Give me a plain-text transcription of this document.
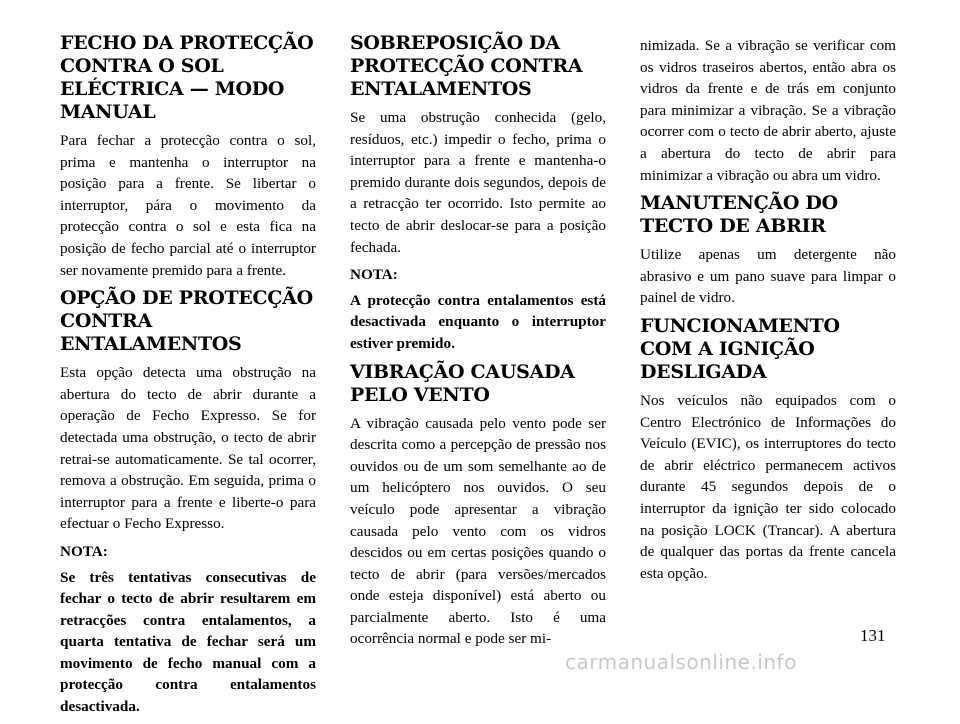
FECHO DA PROTECÇÃO CONTRA O SOL ELÉCTRICA — MODO MANUAL

Para fechar a protecção contra o sol, prima e mantenha o interruptor na posição para a frente. Se libertar o interruptor, pára o movimento da protecção contra o sol e esta fica na posição de fecho parcial até o interruptor ser novamente premido para a frente.

OPÇÃO DE PROTECÇÃO CONTRA ENTALAMENTOS

Esta opção detecta uma obstrução na abertura do tecto de abrir durante a operação de Fecho Expresso. Se for detectada uma obstrução, o tecto de abrir retrai-se automaticamente. Se tal ocorrer, remova a obstrução. Em seguida, prima o interruptor para a frente e liberte-o para efectuar o Fecho Expresso.

NOTA:

Se três tentativas consecutivas de fechar o tecto de abrir resultarem em retracções contra entalamentos, a quarta tentativa de fechar será um movimento de fecho manual com a protecção contra entalamentos desactivada.

SOBREPOSIÇÃO DA PROTECÇÃO CONTRA ENTALAMENTOS

Se uma obstrução conhecida (gelo, resíduos, etc.) impedir o fecho, prima o interruptor para a frente e mantenha-o premido durante dois segundos, depois de a retracção ter ocorrido. Isto permite ao tecto de abrir deslocar-se para a posição fechada.

NOTA:

A protecção contra entalamentos está desactivada enquanto o interruptor estiver premido.

VIBRAÇÃO CAUSADA PELO VENTO

A vibração causada pelo vento pode ser descrita como a percepção de pressão nos ouvidos ou de um som semelhante ao de um helicóptero nos ouvidos. O seu veículo pode apresentar a vibração causada pelo vento com os vidros descidos ou em certas posições quando o tecto de abrir (para versões/mercados onde esteja disponível) está aberto ou parcialmente aberto. Isto é uma ocorrência normal e pode ser mi-

nimizada. Se a vibração se verificar com os vidros traseiros abertos, então abra os vidros da frente e de trás em conjunto para minimizar a vibração. Se a vibração ocorrer com o tecto de abrir aberto, ajuste a abertura do tecto de abrir para minimizar a vibração ou abra um vidro.

MANUTENÇÃO DO TECTO DE ABRIR

Utilize apenas um detergente não abrasivo e um pano suave para limpar o painel de vidro.

FUNCIONAMENTO COM A IGNIÇÃO DESLIGADA

Nos veículos não equipados com o Centro Electrónico de Informações do Veículo (EVIC), os interruptores do tecto de abrir eléctrico permanecem activos durante 45 segundos depois de o interruptor da ignição ter sido colocado na posição LOCK (Trancar). A abertura de qualquer das portas da frente cancela esta opção.

131
carmanualsonline.info
